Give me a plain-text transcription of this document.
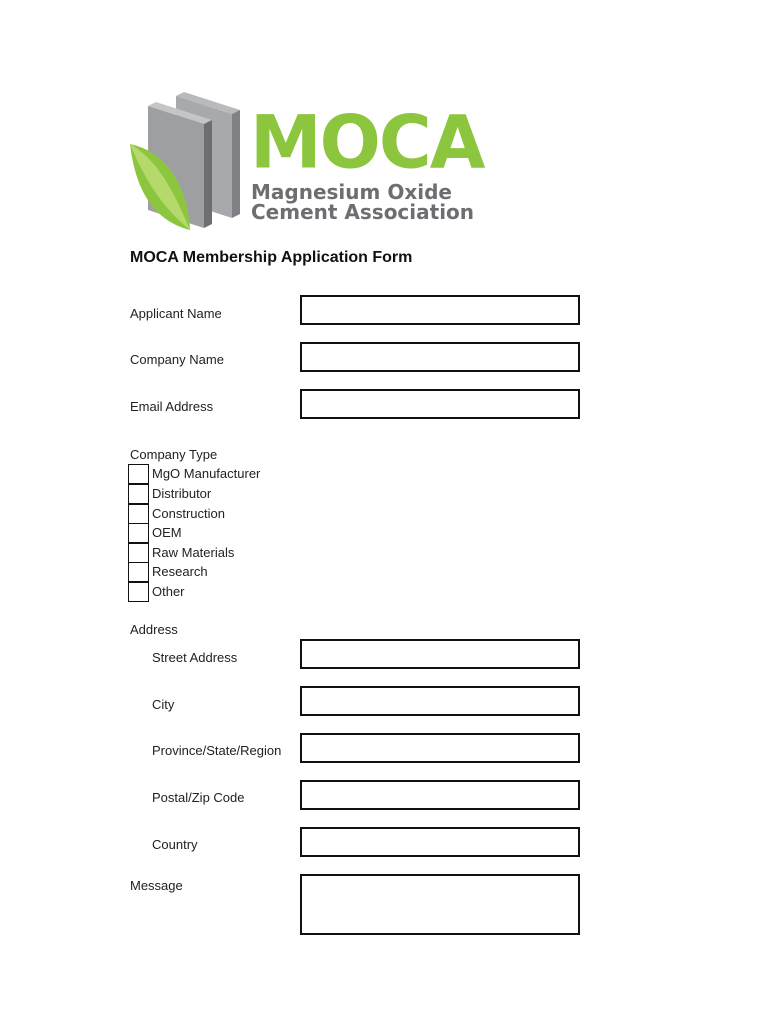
MOCA
Magnesium Oxide
Cement Association
MOCA Membership Application Form
Applicant Name
Company Name
Email Address
Company Type
MgO Manufacturer
Distributor
Construction
OEM
Raw Materials
Research
Other
Address
Street Address
City
Province/State/Region
Postal/Zip Code
Country
Message
